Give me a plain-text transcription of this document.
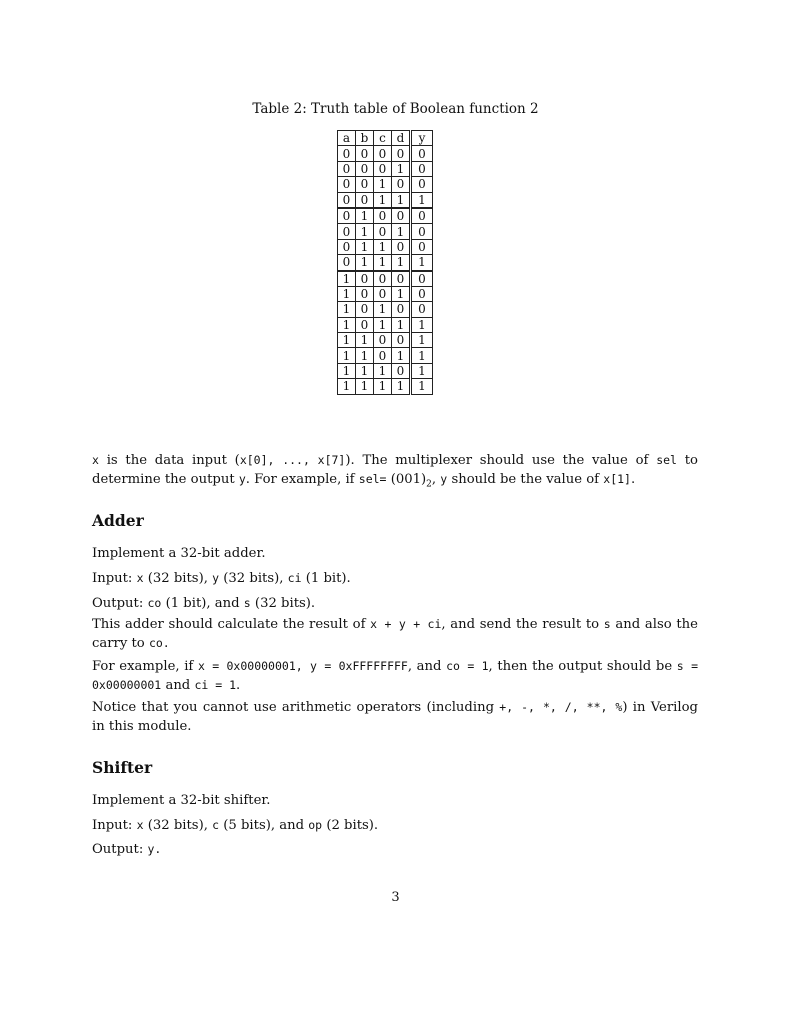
Table 2: Truth table of Boolean function 2
a	b	c	d	y
0	0	0	0	0
0	0	0	1	0
0	0	1	0	0
0	0	1	1	1
0	1	0	0	0
0	1	0	1	0
0	1	1	0	0
0	1	1	1	1
1	0	0	0	0
1	0	0	1	0
1	0	1	0	0
1	0	1	1	1
1	1	0	0	1
1	1	0	1	1
1	1	1	0	1
1	1	1	1	1
x is the data input (x[0], ..., x[7]). The multiplexer should use the value of sel to determine the output y. For example, if $sel= (001)_2$, y should be the value of x[1].
Adder
Implement a 32-bit adder.
Input: x (32 bits), y (32 bits), ci (1 bit).
Output: co (1 bit), and s (32 bits).
This adder should calculate the result of x + y + ci, and send the result to s and also the carry to co.
For example, if x = 0x00000001, y = 0xFFFFFFFF, and co = 1, then the output should be s = 0x00000001 and ci = 1.
Notice that you cannot use arithmetic operators (including +, -, *, /, **, %) in Verilog in this module.
Shifter
Implement a 32-bit shifter.
Input: x (32 bits), c (5 bits), and op (2 bits).
Output: y.
3
